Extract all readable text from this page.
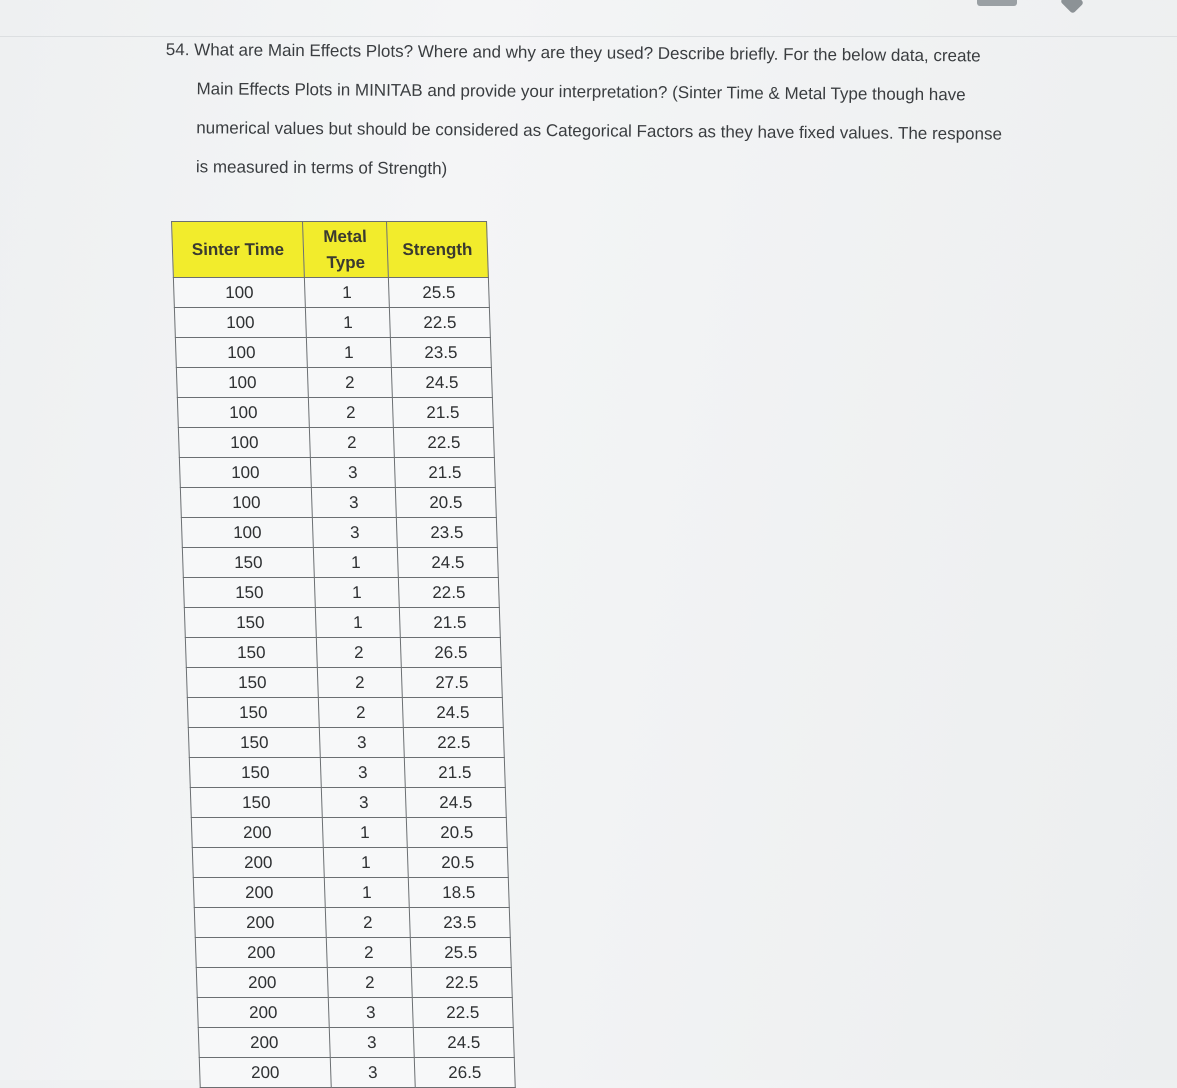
54. What are Main Effects Plots? Where and why are they used? Describe briefly. For the below data, create
Main Effects Plots in MINITAB and provide your interpretation? (Sinter Time & Metal Type though have
numerical values but should be considered as Categorical Factors as they have fixed values. The response
is measured in terms of Strength)
Sinter Time	Metal Type	Strength
100	1	25.5
100	1	22.5
100	1	23.5
100	2	24.5
100	2	21.5
100	2	22.5
100	3	21.5
100	3	20.5
100	3	23.5
150	1	24.5
150	1	22.5
150	1	21.5
150	2	26.5
150	2	27.5
150	2	24.5
150	3	22.5
150	3	21.5
150	3	24.5
200	1	20.5
200	1	20.5
200	1	18.5
200	2	23.5
200	2	25.5
200	2	22.5
200	3	22.5
200	3	24.5
200	3	26.5
